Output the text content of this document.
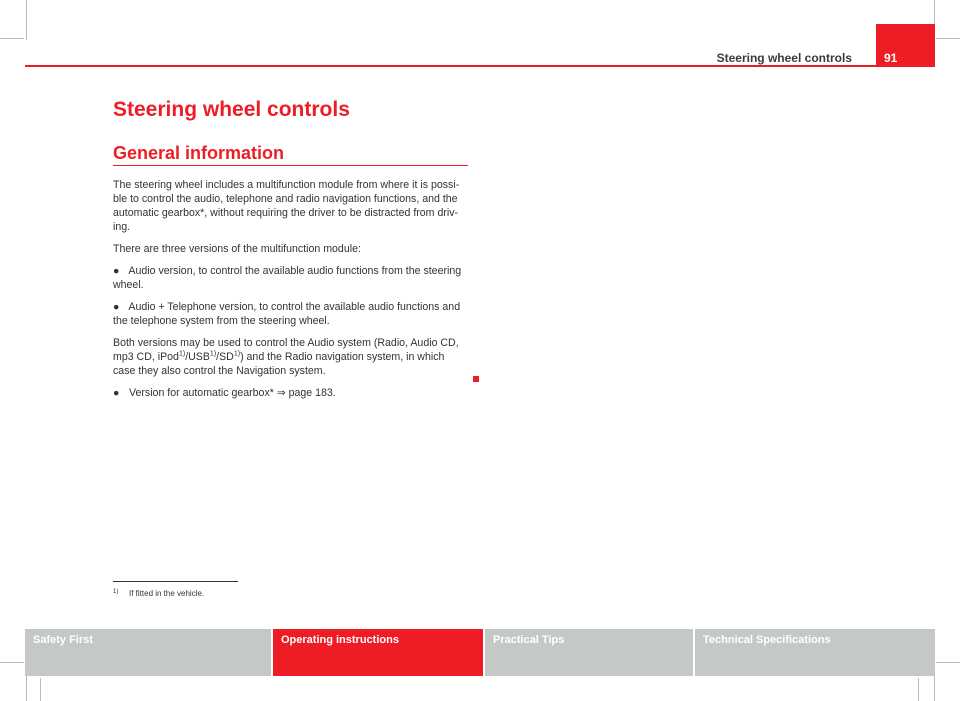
Steering wheel controls	91
Steering wheel controls
General information

The steering wheel includes a multifunction module from where it is possible to control the audio, telephone and radio navigation functions, and the automatic gearbox*, without requiring the driver to be distracted from driving.

There are three versions of the multifunction module:

● Audio version, to control the available audio functions from the steering wheel.

● Audio + Telephone version, to control the available audio functions and the telephone system from the steering wheel.

Both versions may be used to control the Audio system (Radio, Audio CD, mp3 CD, iPod$^{1)}$/USB$^{1)}$/SD$^{1)}$) and the Radio navigation system, in which case they also control the Navigation system.

● Version for automatic gearbox* ⇒ page 183.

1) If fitted in the vehicle.
Safety First	Operating instructions	Practical Tips	Technical Specifications
